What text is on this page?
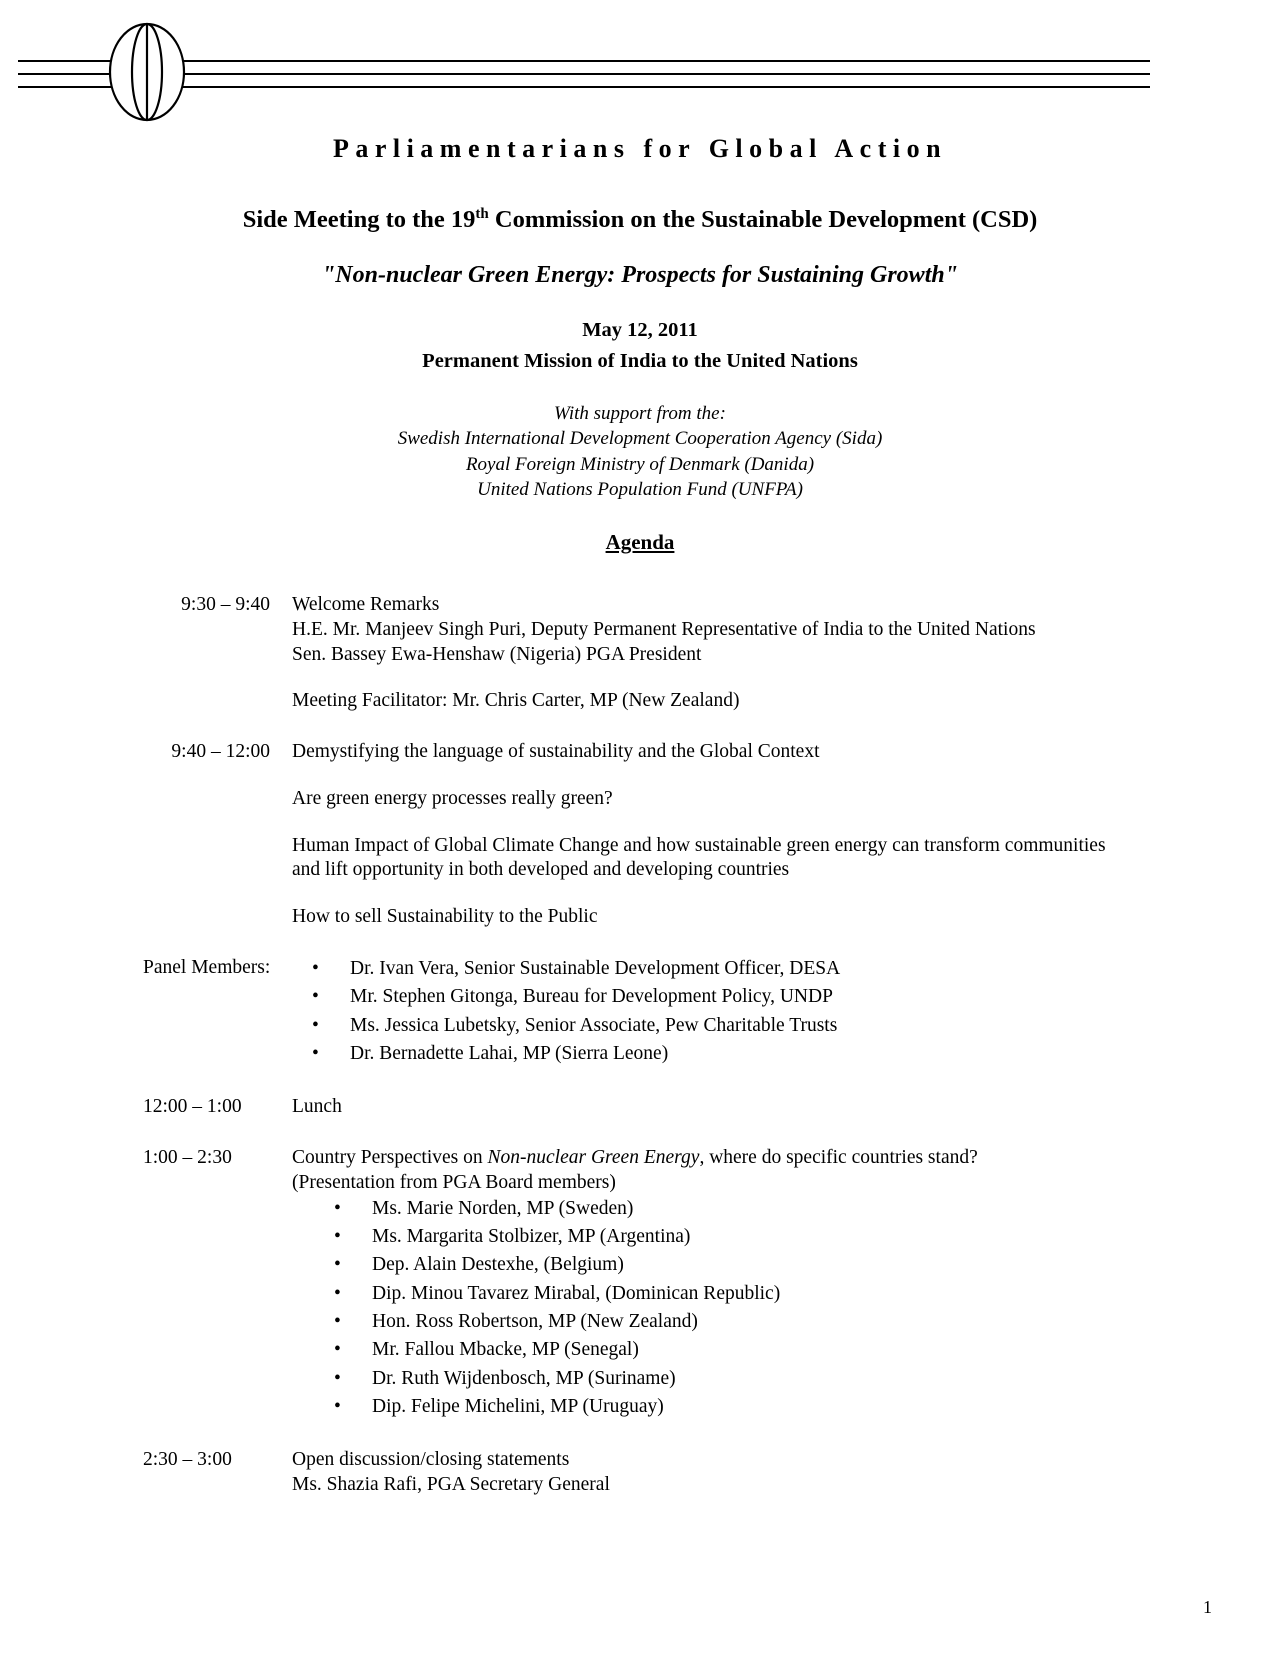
Parliamentarians for Global Action
Side Meeting to the 19th Commission on the Sustainable Development (CSD)
"Non-nuclear Green Energy: Prospects for Sustaining Growth"
May 12, 2011
Permanent Mission of India to the United Nations
With support from the:
Swedish International Development Cooperation Agency (Sida)
Royal Foreign Ministry of Denmark (Danida)
United Nations Population Fund (UNFPA)
Agenda
9:30 – 9:40 Welcome Remarks

H.E. Mr. Manjeev Singh Puri, Deputy Permanent Representative of India to the United Nations

Sen. Bassey Ewa-Henshaw (Nigeria) PGA President

Meeting Facilitator: Mr. Chris Carter, MP (New Zealand)

9:40 – 12:00 Demystifying the language of sustainability and the Global Context

Are green energy processes really green?

Human Impact of Global Climate Change and how sustainable green energy can transform communities and lift opportunity in both developed and developing countries

How to sell Sustainability to the Public

Panel Members:	• Dr. Ivan Vera, Senior Sustainable Development Officer, DESA
• Mr. Stephen Gitonga, Bureau for Development Policy, UNDP
• Ms. Jessica Lubetsky, Senior Associate, Pew Charitable Trusts
• Dr. Bernadette Lahai, MP (Sierra Leone)
12:00 – 1:00	Lunch

1:00 – 2:30	Country Perspectives on Non-nuclear Green Energy, where do specific countries stand?

(Presentation from PGA Board members)

• Ms. Marie Norden, MP (Sweden)
• Ms. Margarita Stolbizer, MP (Argentina)
• Dep. Alain Destexhe, (Belgium)
• Dip. Minou Tavarez Mirabal, (Dominican Republic)
• Hon. Ross Robertson, MP (New Zealand)
• Mr. Fallou Mbacke, MP (Senegal)
• Dr. Ruth Wijdenbosch, MP (Suriname)
• Dip. Felipe Michelini, MP (Uruguay)
2:30 – 3:00	Open discussion/closing statements

Ms. Shazia Rafi, PGA Secretary General

1
